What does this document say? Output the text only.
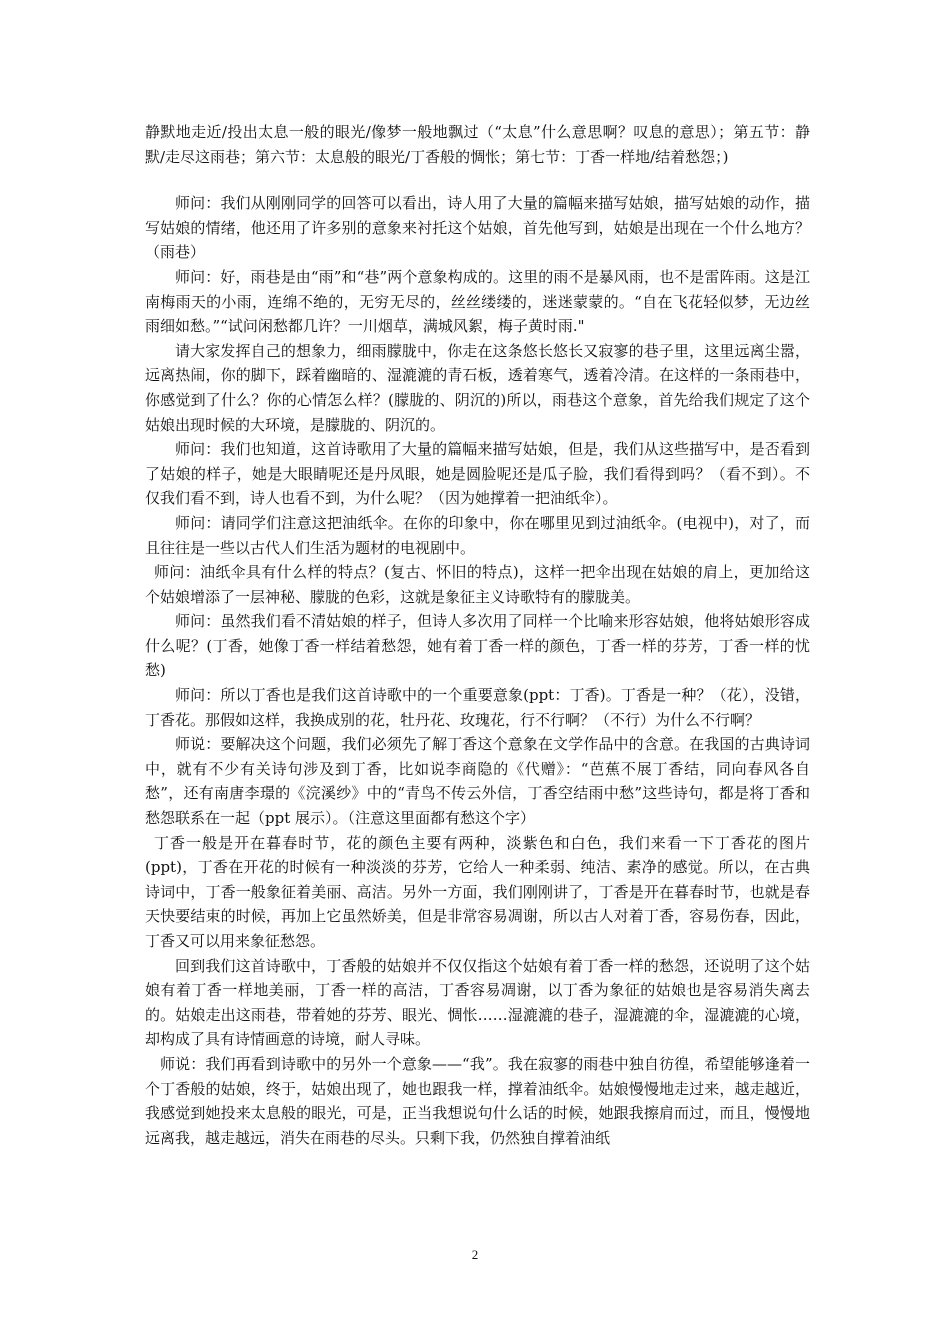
静默地走近/投出太息一般的眼光/像梦一般地飘过（“太息”什么意思啊？叹息的意思）；第五节：静默/走尽这雨巷；第六节：太息般的眼光/丁香般的惆怅；第七节：丁香一样地/结着愁怨；)

师问：我们从刚刚同学的回答可以看出，诗人用了大量的篇幅来描写姑娘，描写姑娘的动作，描写姑娘的情绪，他还用了许多别的意象来衬托这个姑娘，首先他写到，姑娘是出现在一个什么地方？（雨巷）

师问：好，雨巷是由“雨”和“巷”两个意象构成的。这里的雨不是暴风雨，也不是雷阵雨。这是江南梅雨天的小雨，连绵不绝的，无穷无尽的，丝丝缕缕的，迷迷蒙蒙的。“自在飞花轻似梦，无边丝雨细如愁。”“试问闲愁都几许？一川烟草，满城风絮，梅子黄时雨."

请大家发挥自己的想象力，细雨朦胧中，你走在这条悠长悠长又寂寥的巷子里，这里远离尘嚣，远离热闹，你的脚下，踩着幽暗的、湿漉漉的青石板，透着寒气，透着冷清。在这样的一条雨巷中，你感觉到了什么？你的心情怎么样？(朦胧的、阴沉的)所以，雨巷这个意象，首先给我们规定了这个姑娘出现时候的大环境，是朦胧的、阴沉的。

师问：我们也知道，这首诗歌用了大量的篇幅来描写姑娘，但是，我们从这些描写中，是否看到了姑娘的样子，她是大眼睛呢还是丹凤眼，她是圆脸呢还是瓜子脸，我们看得到吗？（看不到）。不仅我们看不到，诗人也看不到，为什么呢？（因为她撑着一把油纸伞）。

师问：请同学们注意这把油纸伞。在你的印象中，你在哪里见到过油纸伞。(电视中)，对了，而且往往是一些以古代人们生活为题材的电视剧中。

师问：油纸伞具有什么样的特点？(复古、怀旧的特点)，这样一把伞出现在姑娘的肩上，更加给这个姑娘增添了一层神秘、朦胧的色彩，这就是象征主义诗歌特有的朦胧美。

师问：虽然我们看不清姑娘的样子，但诗人多次用了同样一个比喻来形容姑娘，他将姑娘形容成什么呢？(丁香，她像丁香一样结着愁怨，她有着丁香一样的颜色，丁香一样的芬芳，丁香一样的忧愁)

师问：所以丁香也是我们这首诗歌中的一个重要意象(ppt：丁香)。丁香是一种？（花），没错，丁香花。那假如这样，我换成别的花，牡丹花、玫瑰花，行不行啊？（不行）为什么不行啊？

师说：要解决这个问题，我们必须先了解丁香这个意象在文学作品中的含意。在我国的古典诗词中，就有不少有关诗句涉及到丁香，比如说李商隐的《代赠》：“芭蕉不展丁香结，同向春风各自愁”，还有南唐李璟的《浣溪纱》中的“青鸟不传云外信，丁香空结雨中愁”这些诗句，都是将丁香和愁怨联系在一起（ppt 展示）。（注意这里面都有愁这个字）

丁香一般是开在暮春时节，花的颜色主要有两种，淡紫色和白色，我们来看一下丁香花的图片(ppt)，丁香在开花的时候有一种淡淡的芬芳，它给人一种柔弱、纯洁、素净的感觉。所以，在古典诗词中，丁香一般象征着美丽、高洁。另外一方面，我们刚刚讲了，丁香是开在暮春时节，也就是春天快要结束的时候，再加上它虽然娇美，但是非常容易凋谢，所以古人对着丁香，容易伤春，因此，丁香又可以用来象征愁怨。

回到我们这首诗歌中，丁香般的姑娘并不仅仅指这个姑娘有着丁香一样的愁怨，还说明了这个姑娘有着丁香一样地美丽，丁香一样的高洁，丁香容易凋谢，以丁香为象征的姑娘也是容易消失离去的。姑娘走出这雨巷，带着她的芬芳、眼光、惆怅……湿漉漉的巷子，湿漉漉的伞，湿漉漉的心境，却构成了具有诗情画意的诗境，耐人寻味。

师说：我们再看到诗歌中的另外一个意象——“我”。我在寂寥的雨巷中独自彷徨，希望能够逢着一个丁香般的姑娘，终于，姑娘出现了，她也跟我一样，撑着油纸伞。姑娘慢慢地走过来，越走越近，我感觉到她投来太息般的眼光，可是，正当我想说句什么话的时候，她跟我擦肩而过，而且，慢慢地远离我，越走越远，消失在雨巷的尽头。只剩下我，仍然独自撑着油纸

2
